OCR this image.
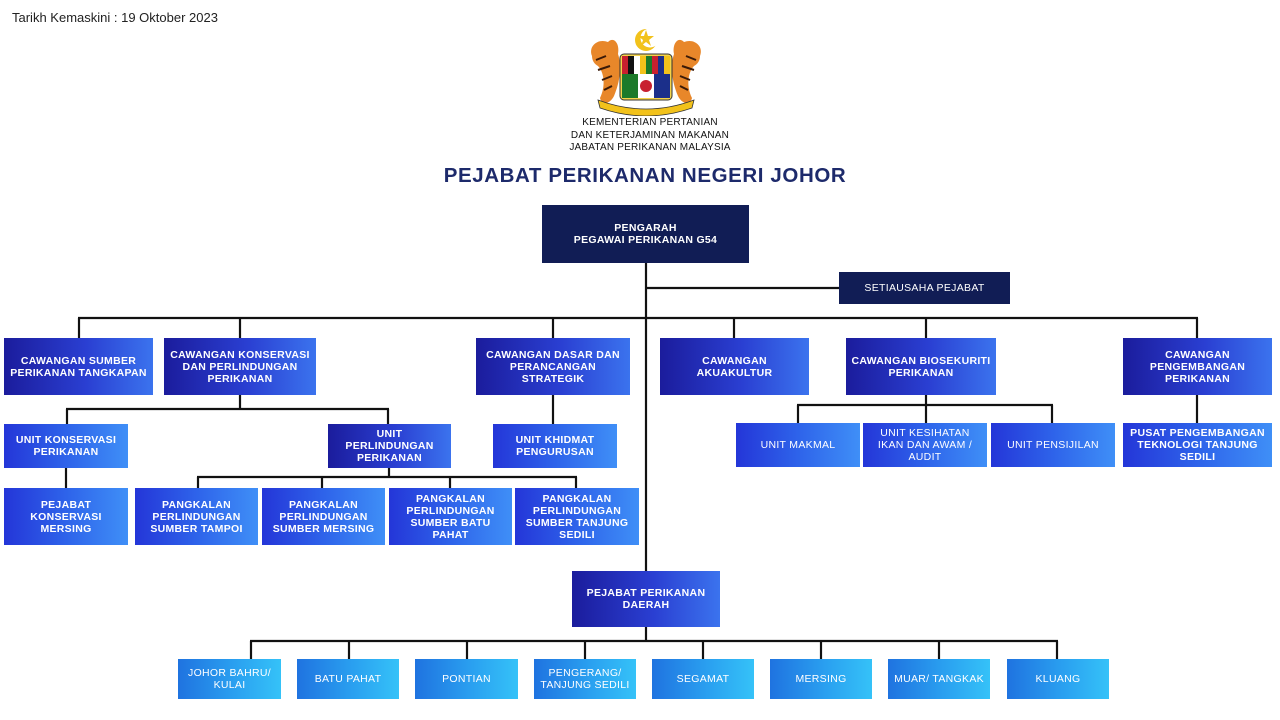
Tarikh Kemaskini : 19 Oktober 2023
KEMENTERIAN PERTANIAN
DAN KETERJAMINAN MAKANAN
JABATAN PERIKANAN MALAYSIA
PEJABAT PERIKANAN NEGERI JOHOR
PENGARAH
PEGAWAI PERIKANAN G54
SETIAUSAHA PEJABAT
CAWANGAN SUMBER PERIKANAN TANGKAPAN
CAWANGAN KONSERVASI DAN PERLINDUNGAN PERIKANAN
CAWANGAN DASAR DAN PERANCANGAN STRATEGIK
CAWANGAN AKUAKULTUR
CAWANGAN BIOSEKURITI PERIKANAN
CAWANGAN PENGEMBANGAN PERIKANAN
UNIT KONSERVASI PERIKANAN
UNIT PERLINDUNGAN PERIKANAN
UNIT KHIDMAT PENGURUSAN
UNIT MAKMAL
UNIT KESIHATAN IKAN DAN AWAM / AUDIT
UNIT PENSIJILAN
PUSAT PENGEMBANGAN TEKNOLOGI TANJUNG SEDILI
PEJABAT KONSERVASI MERSING
PANGKALAN PERLINDUNGAN SUMBER TAMPOI
PANGKALAN PERLINDUNGAN SUMBER MERSING
PANGKALAN PERLINDUNGAN SUMBER BATU PAHAT
PANGKALAN PERLINDUNGAN SUMBER TANJUNG SEDILI
PEJABAT PERIKANAN DAERAH
JOHOR BAHRU/ KULAI	BATU PAHAT	PONTIAN	PENGERANG/ TANJUNG SEDILI	SEGAMAT	MERSING	MUAR/ TANGKAK	KLUANG
